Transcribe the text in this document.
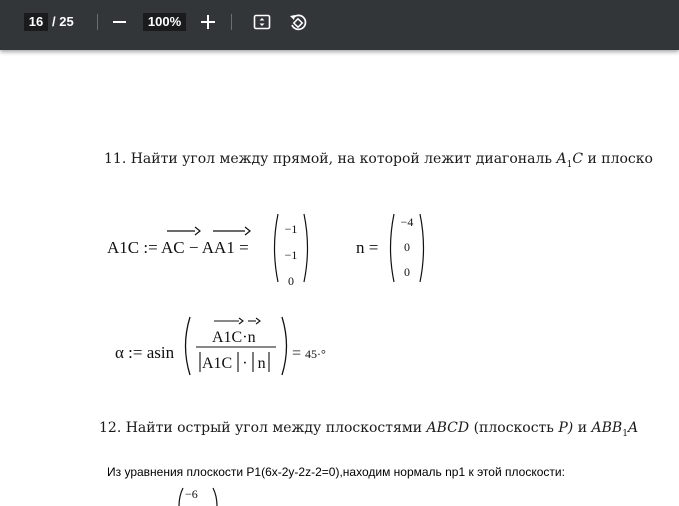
16 / 25	100%
11. Найти угол между прямой, на которой лежит диагональ $A_1C$ и плоско
A1C := AC − AA1 =
−1
−1
0
n =
−4
0
0
α := asin
A1C·n
A1C · n
= 45·°
12. Найти острый угол между плоскостями ABCD (плоскость P) и $ABB_1A$
Из уравнения плоскости P1(6x-2y-2z-2=0),находим нормаль np1 к этой плоскости:
−6
